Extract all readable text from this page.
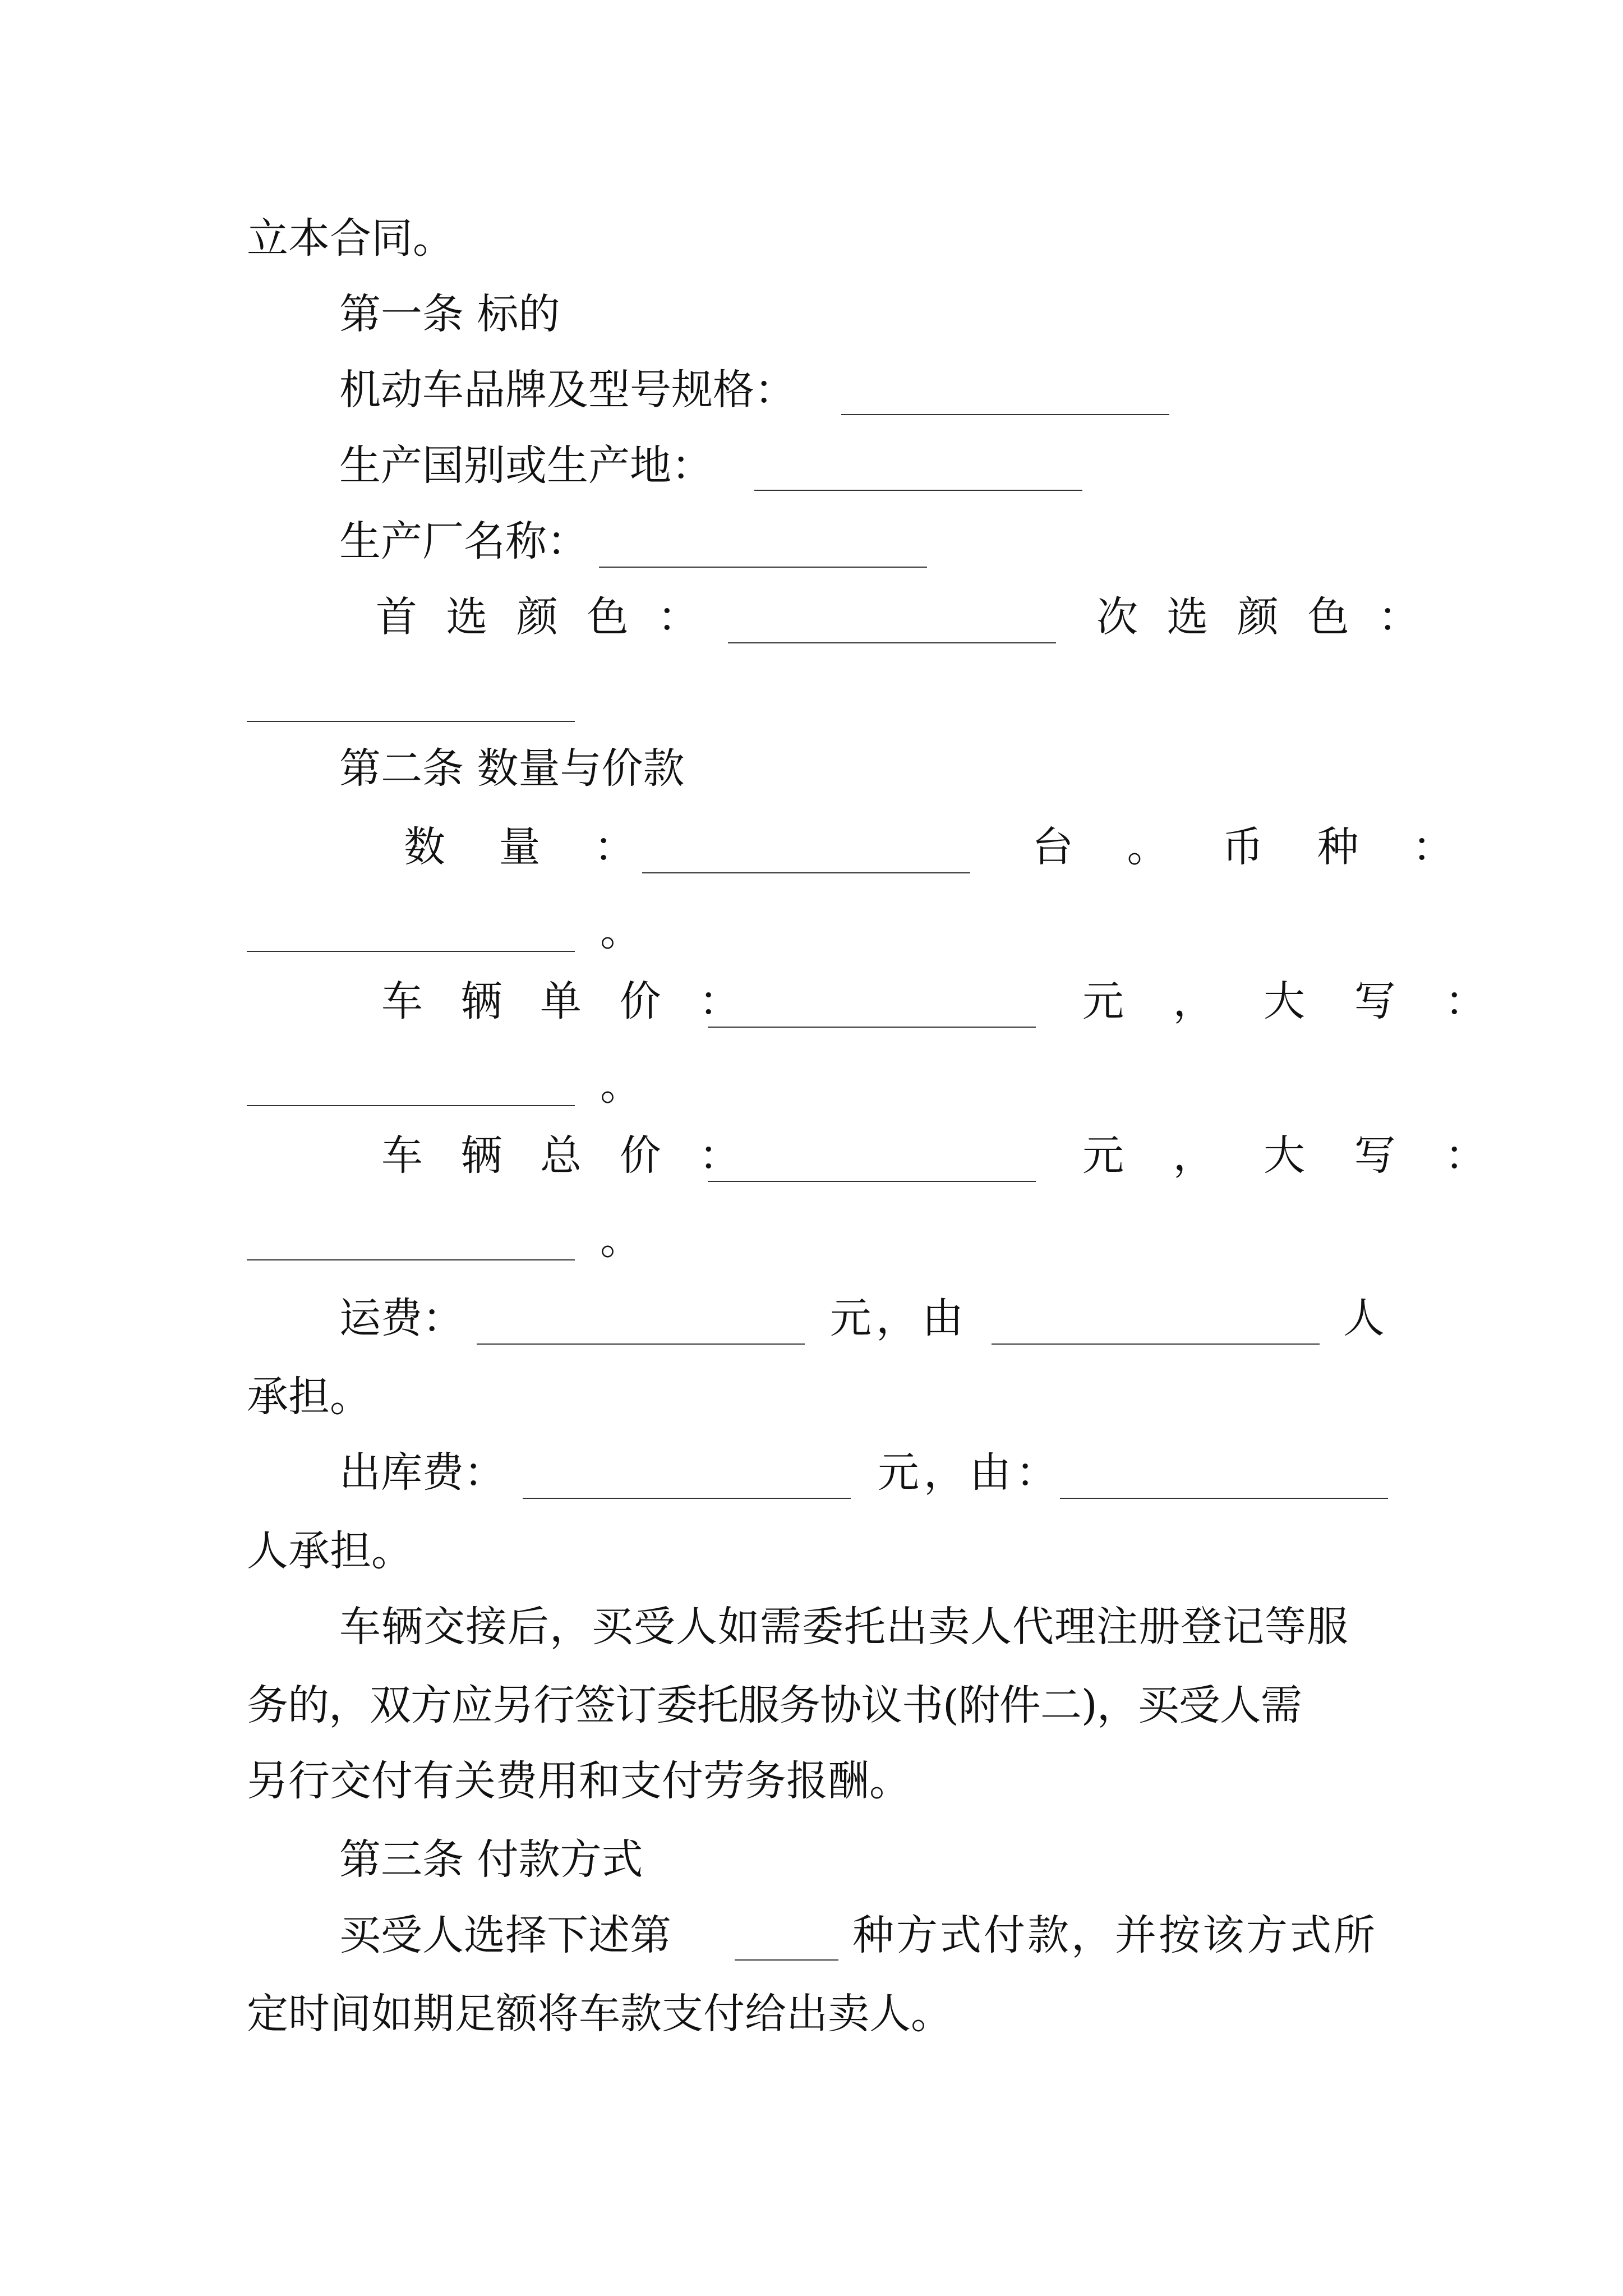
立本合同。
第一条 标的
机动车品牌及型号规格：
生产国别或生产地：
生产厂名称：
首 选 颜 色 ：	次 选 颜 色 ：
第二条 数量与价款
数 量 ：	台 。 币 种 ：
。
车 辆 单 价 ：	元 ， 大 写 ：
。
车 辆 总 价 ：	元 ， 大 写 ：
。
运费：	元，由	人
承担。
出库费：	元，由：
人承担。
车辆交接后，买受人如需委托出卖人代理注册登记等服
务的，双方应另行签订委托服务协议书(附件二)，买受人需
另行交付有关费用和支付劳务报酬。
第三条 付款方式
买受人选择下述第	种方式付款，并按该方式所
定时间如期足额将车款支付给出卖人。
